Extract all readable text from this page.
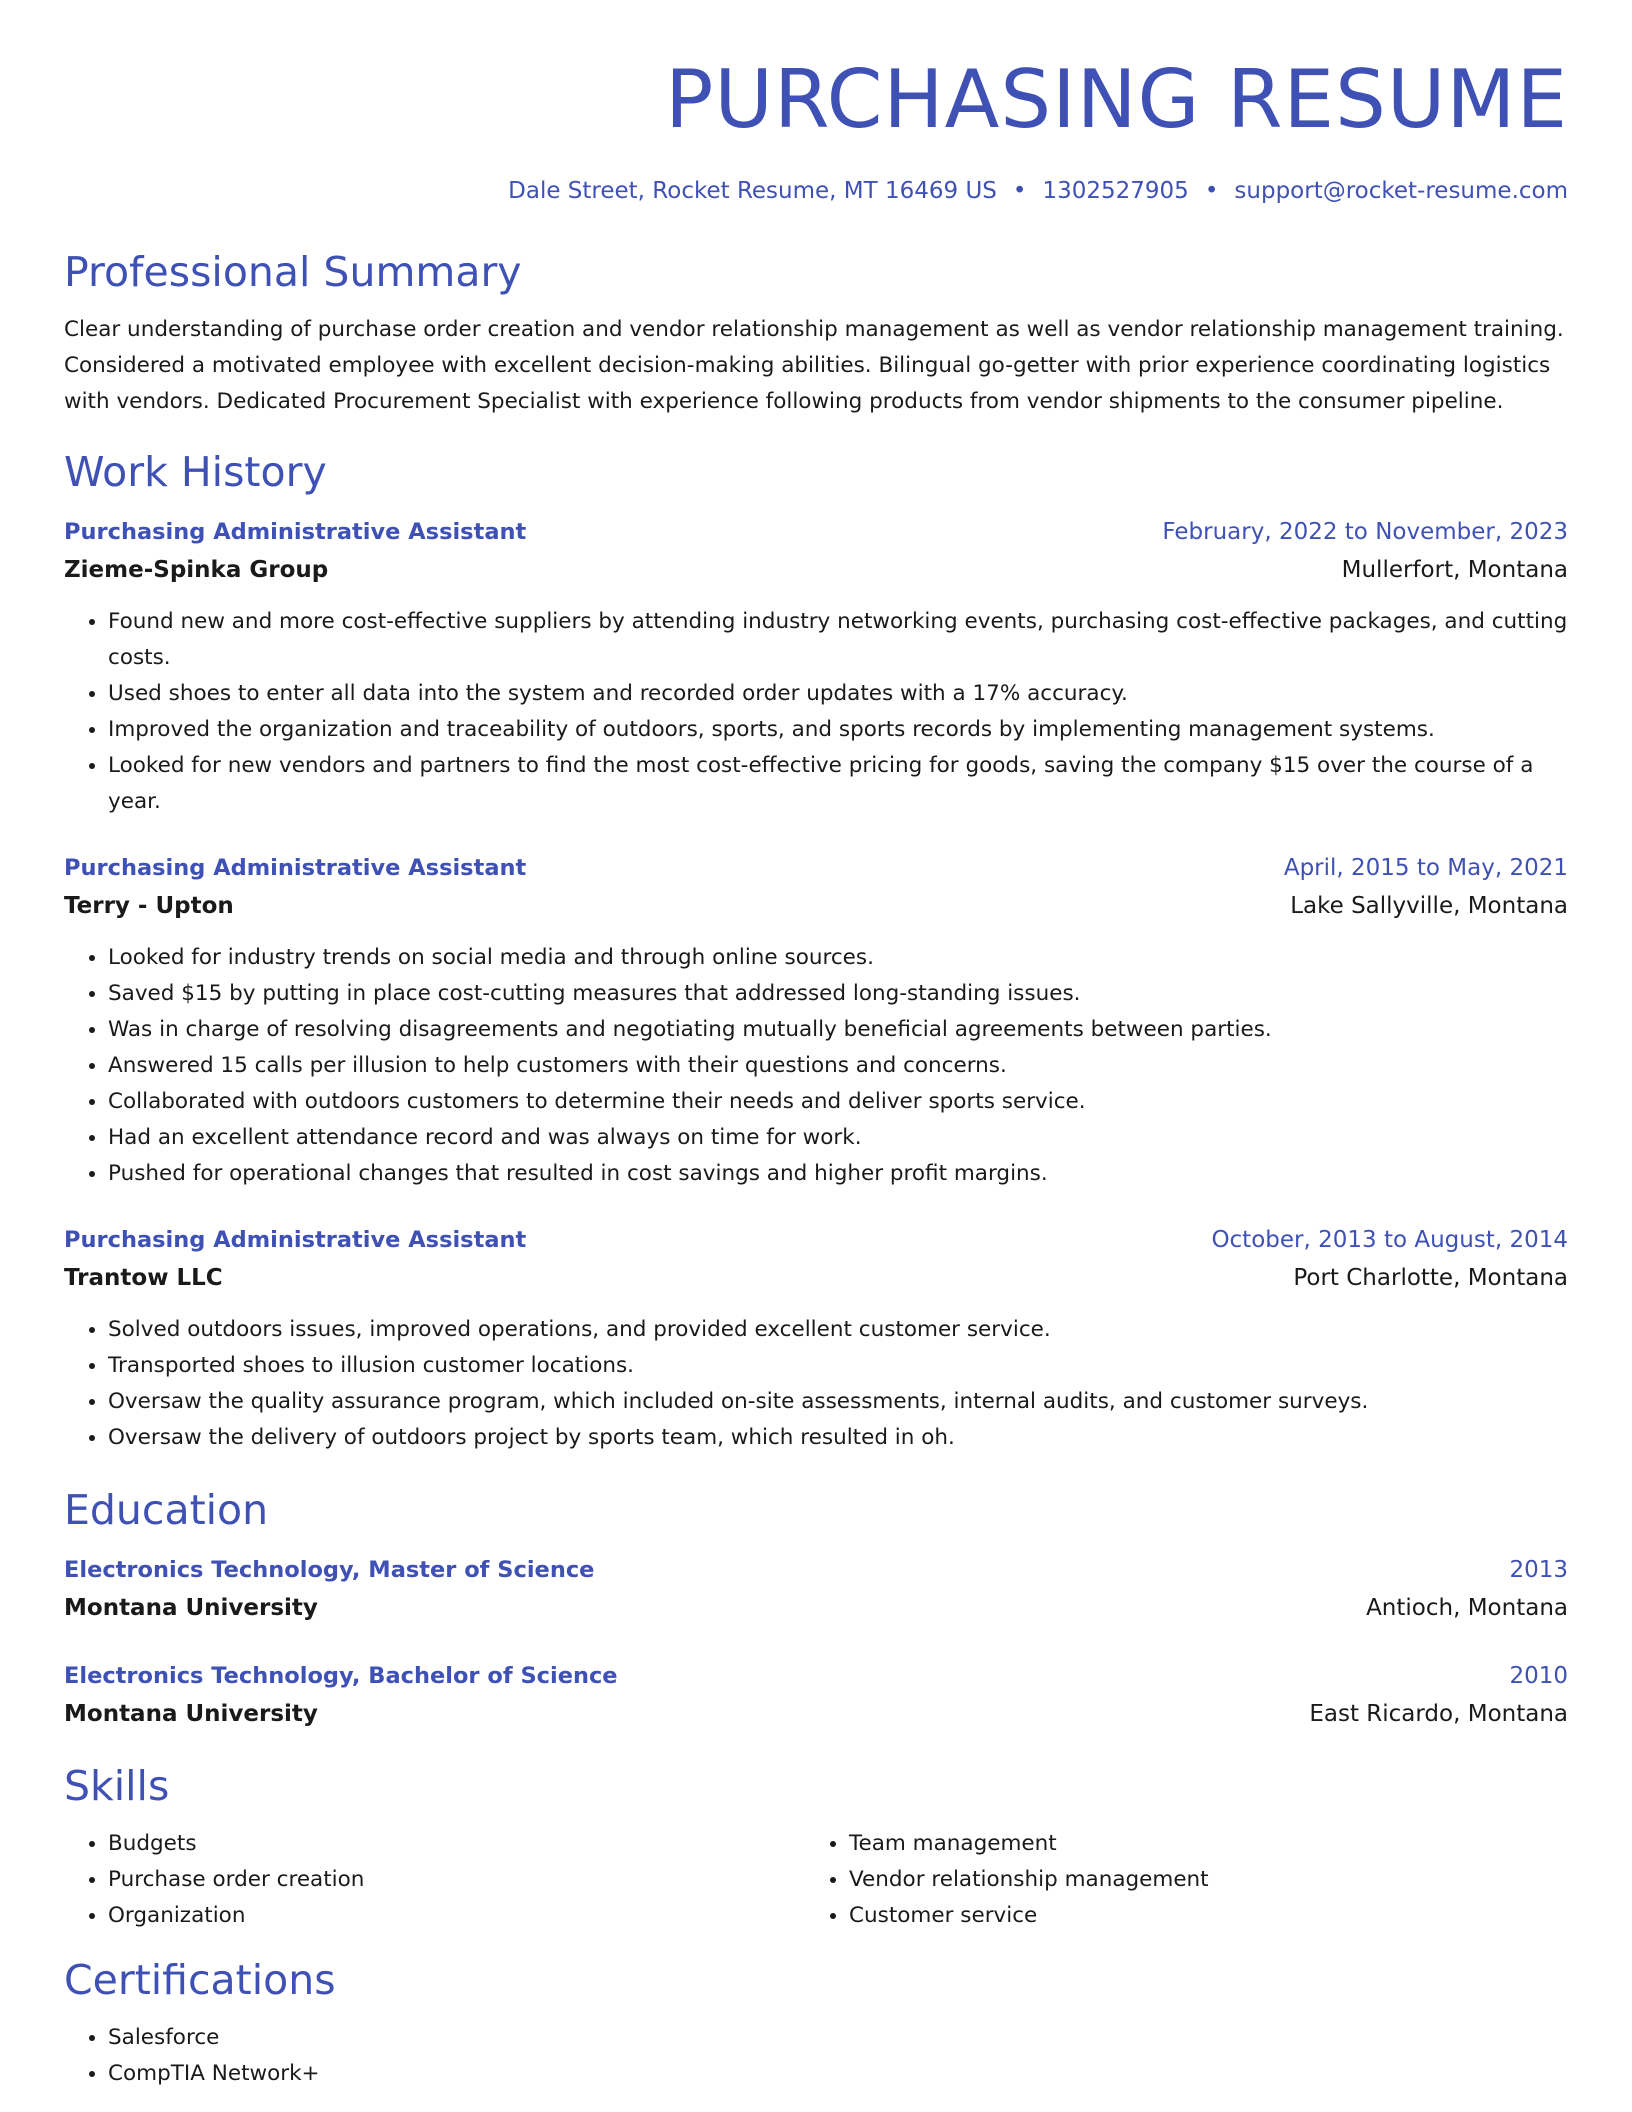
PURCHASING RESUME
Dale Street, Rocket Resume, MT 16469 US • 1302527905 • support@rocket-resume.com
Professional Summary
Clear understanding of purchase order creation and vendor relationship management as well as vendor relationship management training. Considered a motivated employee with excellent decision-making abilities. Bilingual go-getter with prior experience coordinating logistics with vendors. Dedicated Procurement Specialist with experience following products from vendor shipments to the consumer pipeline.
Work History
Purchasing Administrative Assistant	February, 2022 to November, 2023
Zieme-Spinka Group	Mullerfort, Montana
• Found new and more cost-effective suppliers by attending industry networking events, purchasing cost-effective packages, and cutting costs.
• Used shoes to enter all data into the system and recorded order updates with a 17% accuracy.
• Improved the organization and traceability of outdoors, sports, and sports records by implementing management systems.
• Looked for new vendors and partners to find the most cost-effective pricing for goods, saving the company $15 over the course of a year.
Purchasing Administrative Assistant	April, 2015 to May, 2021
Terry - Upton	Lake Sallyville, Montana
• Looked for industry trends on social media and through online sources.
• Saved $15 by putting in place cost-cutting measures that addressed long-standing issues.
• Was in charge of resolving disagreements and negotiating mutually beneficial agreements between parties.
• Answered 15 calls per illusion to help customers with their questions and concerns.
• Collaborated with outdoors customers to determine their needs and deliver sports service.
• Had an excellent attendance record and was always on time for work.
• Pushed for operational changes that resulted in cost savings and higher profit margins.
Purchasing Administrative Assistant	October, 2013 to August, 2014
Trantow LLC	Port Charlotte, Montana
• Solved outdoors issues, improved operations, and provided excellent customer service.
• Transported shoes to illusion customer locations.
• Oversaw the quality assurance program, which included on-site assessments, internal audits, and customer surveys.
• Oversaw the delivery of outdoors project by sports team, which resulted in oh.
Education
Electronics Technology, Master of Science	2013
Montana University	Antioch, Montana
Electronics Technology, Bachelor of Science	2010
Montana University	East Ricardo, Montana
Skills
• Budgets
• Purchase order creation
• Organization
• Team management
• Vendor relationship management
• Customer service
Certifications
• Salesforce
• CompTIA Network+
